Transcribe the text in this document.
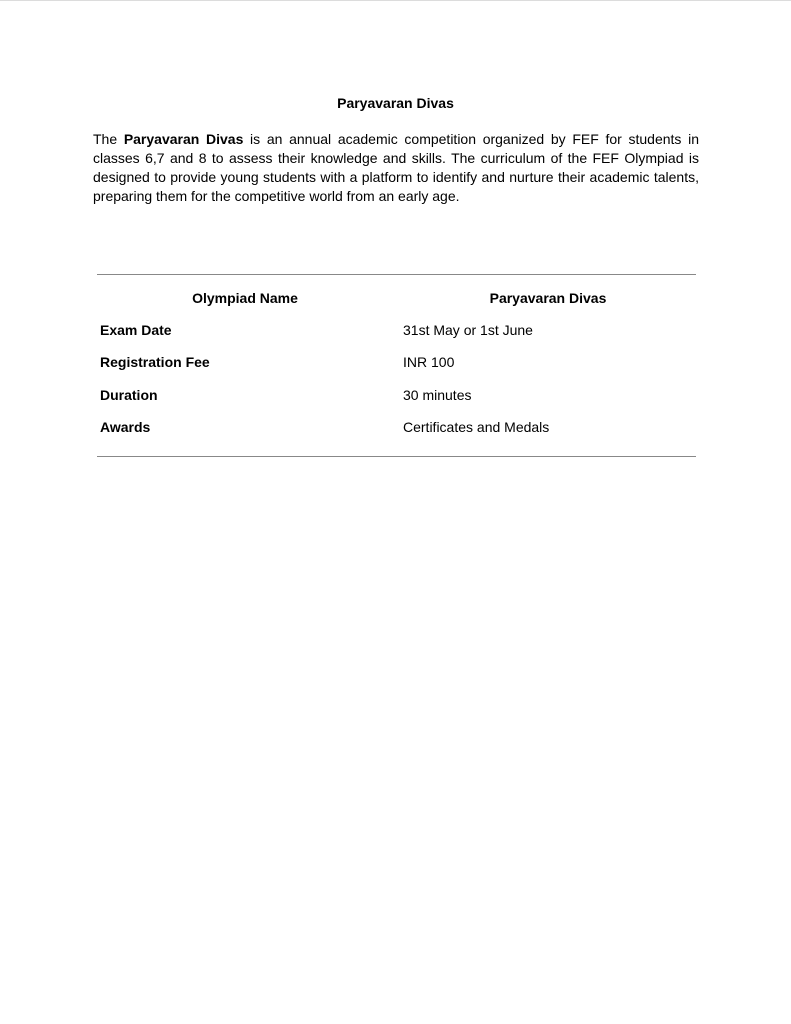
Paryavaran Divas

The Paryavaran Divas is an annual academic competition organized by FEF for students in classes 6,7 and 8 to assess their knowledge and skills. The curriculum of the FEF Olympiad is designed to provide young students with a platform to identify and nurture their academic talents, preparing them for the competitive world from an early age.

Olympiad Name	Paryavaran Divas
Exam Date	31st May or 1st June
Registration Fee	INR 100
Duration	30 minutes
Awards	Certificates and Medals
